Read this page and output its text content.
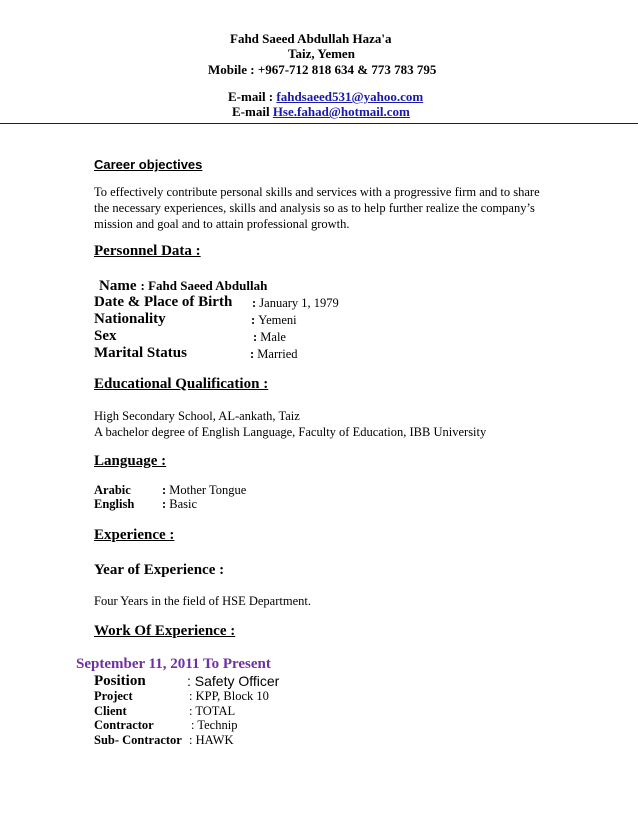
Fahd Saeed Abdullah Haza'a
Taiz, Yemen
Mobile : +967-712 818 634 & 773 783 795
E-mail : fahdsaeed531@yahoo.com
E-mail Hse.fahad@hotmail.com
Career objectives
To effectively contribute personal skills and services with a progressive firm and to share
the necessary experiences, skills and analysis so as to help further realize the company’s
mission and goal and to attain professional growth.
Personnel Data :
Name : Fahd Saeed Abdullah
Date & Place of Birth : January 1, 1979
Nationality	: Yemeni
Sex	: Male
Marital Status	: Married
Educational Qualification :
High Secondary School, AL-ankath, Taiz
A bachelor degree of English Language, Faculty of Education, IBB University
Language :
Arabic : Mother Tongue
English : Basic
Experience :
Year of Experience :
Four Years in the field of HSE Department.
Work Of Experience :
September 11, 2011 To Present
Position	: Safety Officer
Project	: KPP, Block 10
Client	: TOTAL
Contractor	: Technip
Sub- Contractor : HAWK
